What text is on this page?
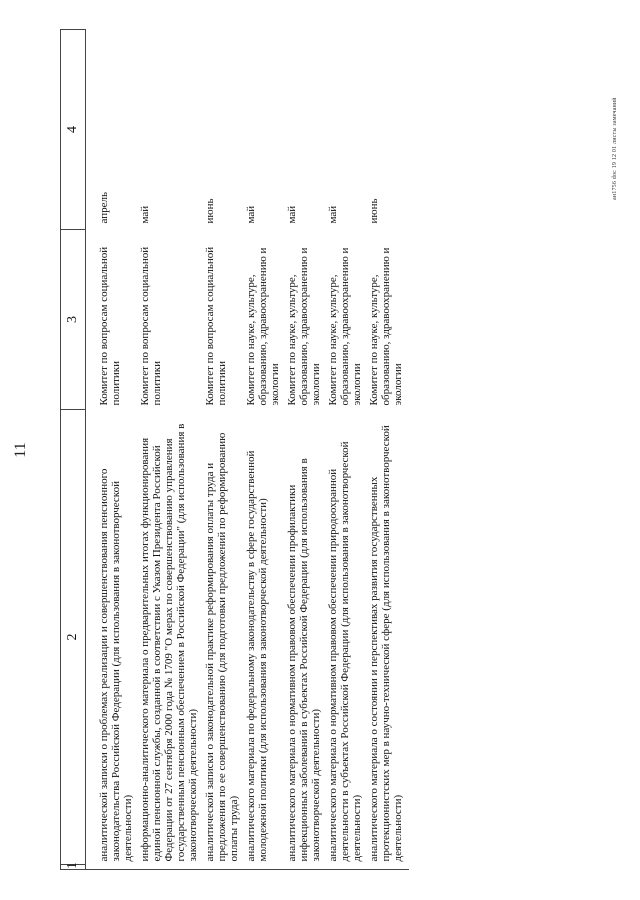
11
1	2	3	4
	аналитической записки о проблемах реализации и совершенствования пенсионного законодательства Российской Федерации (для использования в законотворческой деятельности)	Комитет по вопросам социальной политики	апрель
	информационно-аналитического материала о предварительных итогах функционирования единой пенсионной службы, созданной в соответствии с Указом Президента Российской Федерации от 27 сентября 2000 года № 1709 "О мерах по совершенствованию управления государственным пенсионным обеспечением в Российской Федерации" (для использования в законотворческой деятельности)	Комитет по вопросам социальной политики	май
	аналитической записки о законодательной практике реформирования оплаты труда и предложения по ее совершенствованию (для подготовки предложений по реформированию оплаты труда)	Комитет по вопросам социальной политики	июнь
	аналитического материала по федеральному законодательству в сфере государственной молодежной политики (для использования в законотворческой деятельности)	Комитет по науке, культуре, образованию, здравоохранению и экологии	май
	аналитического материала о нормативном правовом обеспечении профилактики инфекционных заболеваний в субъектах Российской Федерации (для использования в законотворческой деятельности)	Комитет по науке, культуре, образованию, здравоохранению и экологии	май
	аналитического материала о нормативном правовом обеспечении природоохранной деятельности в субъектах Российской Федерации (для использования в законотворческой деятельности)	Комитет по науке, культуре, образованию, здравоохранению и экологии	май
	аналитического материала о состоянии и перспективах развития государственных протекционистских мер в научно-технической сфере (для использования в законотворческой деятельности)	Комитет по науке, культуре, образованию, здравоохранению и экологии	июнь
ан1756 doc 19 12 01 листы замечаний
